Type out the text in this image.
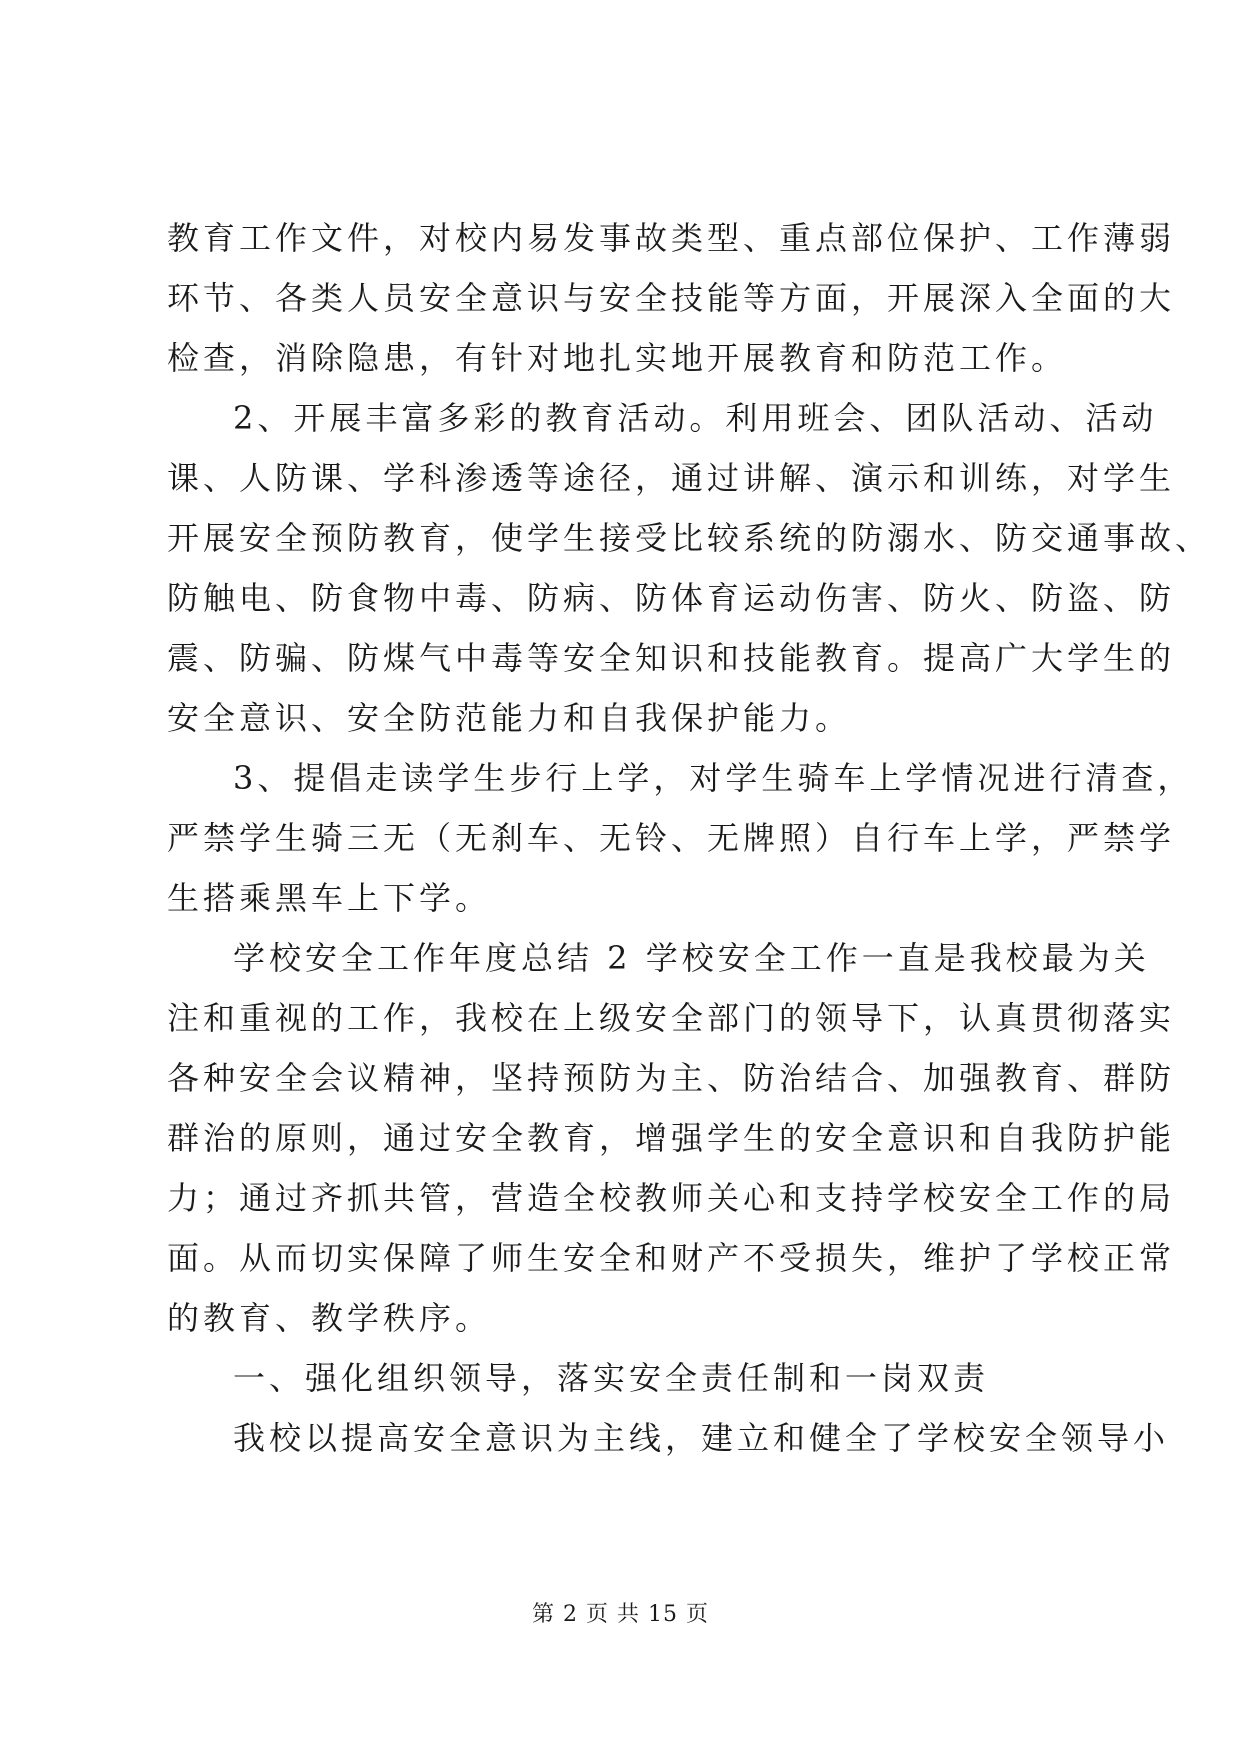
教育工作文件，对校内易发事故类型、重点部位保护、工作薄弱
环节、各类人员安全意识与安全技能等方面，开展深入全面的大
检查，消除隐患，有针对地扎实地开展教育和防范工作。
2、开展丰富多彩的教育活动。利用班会、团队活动、活动
课、人防课、学科渗透等途径，通过讲解、演示和训练，对学生
开展安全预防教育，使学生接受比较系统的防溺水、防交通事故、
防触电、防食物中毒、防病、防体育运动伤害、防火、防盗、防
震、防骗、防煤气中毒等安全知识和技能教育。提高广大学生的
安全意识、安全防范能力和自我保护能力。
3、提倡走读学生步行上学，对学生骑车上学情况进行清查，
严禁学生骑三无（无刹车、无铃、无牌照）自行车上学，严禁学
生搭乘黑车上下学。
学校安全工作年度总结 2 学校安全工作一直是我校最为关
注和重视的工作，我校在上级安全部门的领导下，认真贯彻落实
各种安全会议精神，坚持预防为主、防治结合、加强教育、群防
群治的原则，通过安全教育，增强学生的安全意识和自我防护能
力；通过齐抓共管，营造全校教师关心和支持学校安全工作的局
面。从而切实保障了师生安全和财产不受损失，维护了学校正常
的教育、教学秩序。
一、强化组织领导，落实安全责任制和一岗双责
我校以提高安全意识为主线，建立和健全了学校安全领导小
第 2 页 共 15 页
